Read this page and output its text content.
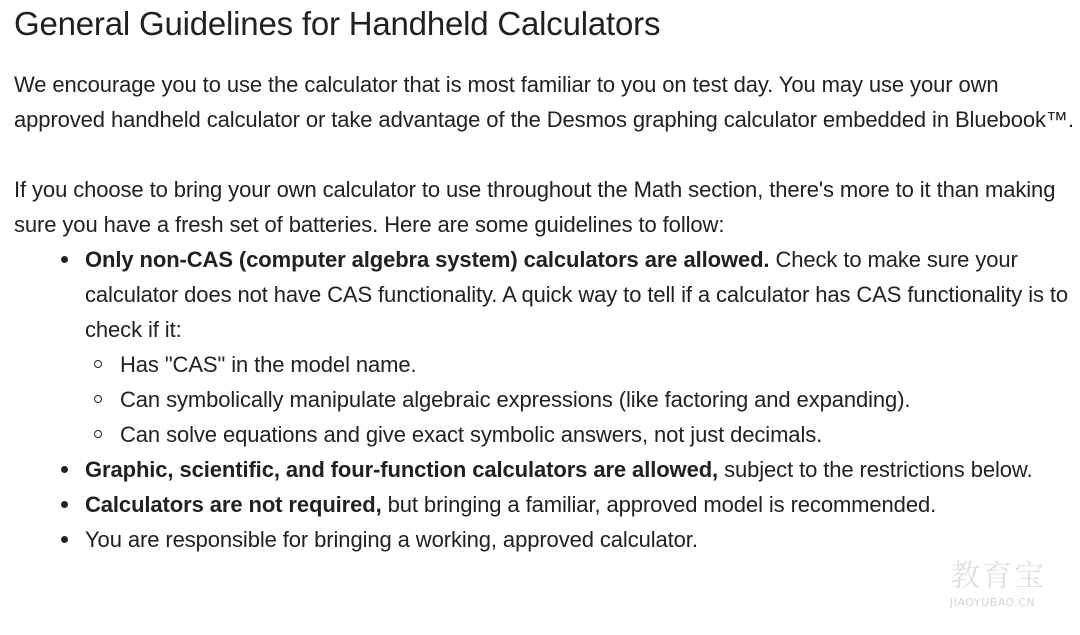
General Guidelines for Handheld Calculators

We encourage you to use the calculator that is most familiar to you on test day. You may use your own approved handheld calculator or take advantage of the Desmos graphing calculator embedded in Bluebook™.

If you choose to bring your own calculator to use throughout the Math section, there's more to it than making sure you have a fresh set of batteries. Here are some guidelines to follow:

Only non-CAS (computer algebra system) calculators are allowed. Check to make sure your calculator does not have CAS functionality. A quick way to tell if a calculator has CAS functionality is to check if it:
Has "CAS" in the model name.
Can symbolically manipulate algebraic expressions (like factoring and expanding).
Can solve equations and give exact symbolic answers, not just decimals.
Graphic, scientific, and four-function calculators are allowed, subject to the restrictions below.
Calculators are not required, but bringing a familiar, approved model is recommended.
You are responsible for bringing a working, approved calculator.
教育宝
JIAOYUBAO.CN
